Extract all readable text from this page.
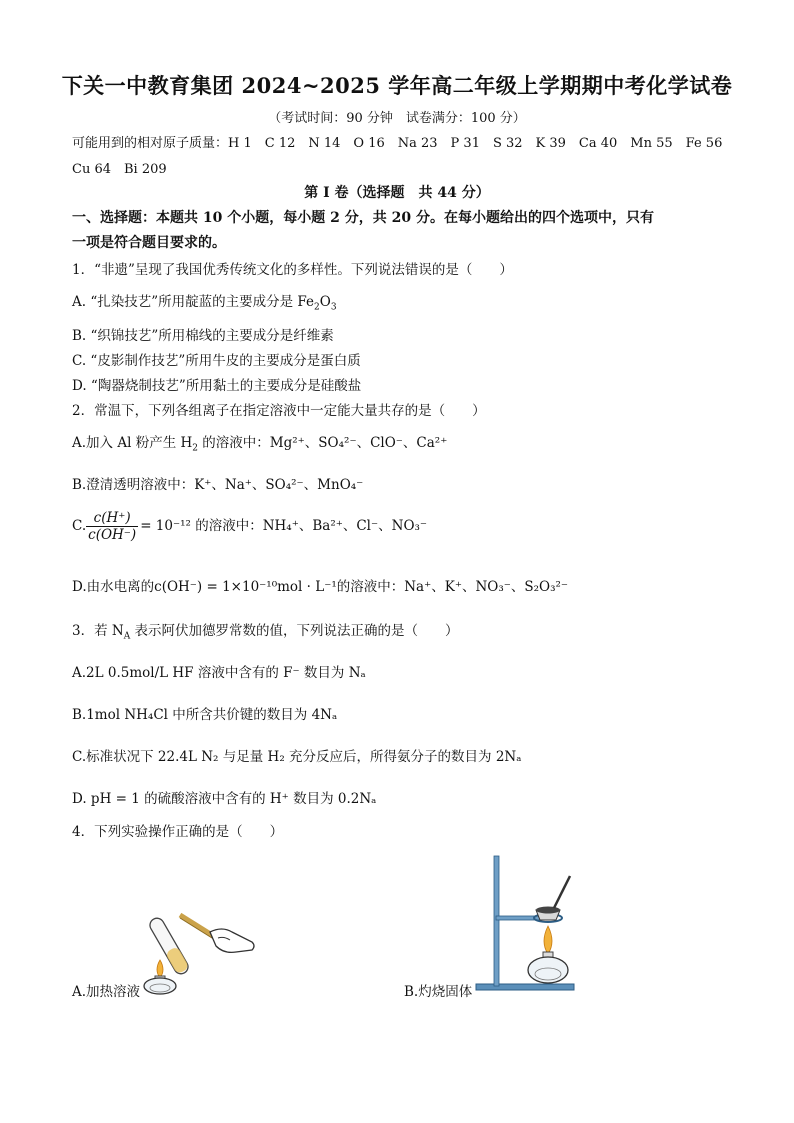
下关一中教育集团 2024~2025 学年高二年级上学期期中考化学试卷
（考试时间：90 分钟　试卷满分：100 分）
可能用到的相对原子质量：H 1　C 12　N 14　O 16　Na 23　P 31　S 32　K 39　Ca 40　Mn 55　Fe 56
Cu 64　Bi 209
第 I 卷（选择题　共 44 分）
一、选择题：本题共 10 个小题，每小题 2 分，共 20 分。在每小题给出的四个选项中，只有
一项是符合题目要求的。
1．“非遗”呈现了我国优秀传统文化的多样性。下列说法错误的是（　　）
A. “扎染技艺”所用靛蓝的主要成分是 $Fe_2O_3$
B. “织锦技艺”所用棉线的主要成分是纤维素
C. “皮影制作技艺”所用牛皮的主要成分是蛋白质
D. “陶器烧制技艺”所用黏土的主要成分是硅酸盐
2．常温下，下列各组离子在指定溶液中一定能大量共存的是（　　）
A.加入 Al 粉产生 $H_2$ 的溶液中：Mg²⁺、SO₄²⁻、ClO⁻、Ca²⁺
B.澄清透明溶液中：K⁺、Na⁺、SO₄²⁻、MnO₄⁻
C. $\frac{c(H^+)}{c(OH^-)} = 10^{-12}$ 的溶液中：NH₄⁺、Ba²⁺、Cl⁻、NO₃⁻
D.由水电离的c(OH⁻) = 1×10⁻¹⁰mol · L⁻¹的溶液中：Na⁺、K⁺、NO₃⁻、S₂O₃²⁻
3．若 $N_A$ 表示阿伏加德罗常数的值，下列说法正确的是（　　）
A.2L 0.5mol/L HF 溶液中含有的 F⁻ 数目为 Nₐ
B.1mol NH₄Cl 中所含共价键的数目为 4Nₐ
C.标准状况下 22.4L N₂ 与足量 H₂ 充分反应后，所得氨分子的数目为 2Nₐ
D. pH = 1 的硫酸溶液中含有的 H⁺ 数目为 0.2Nₐ
4．下列实验操作正确的是（　　）
A.加热溶液	B.灼烧固体
